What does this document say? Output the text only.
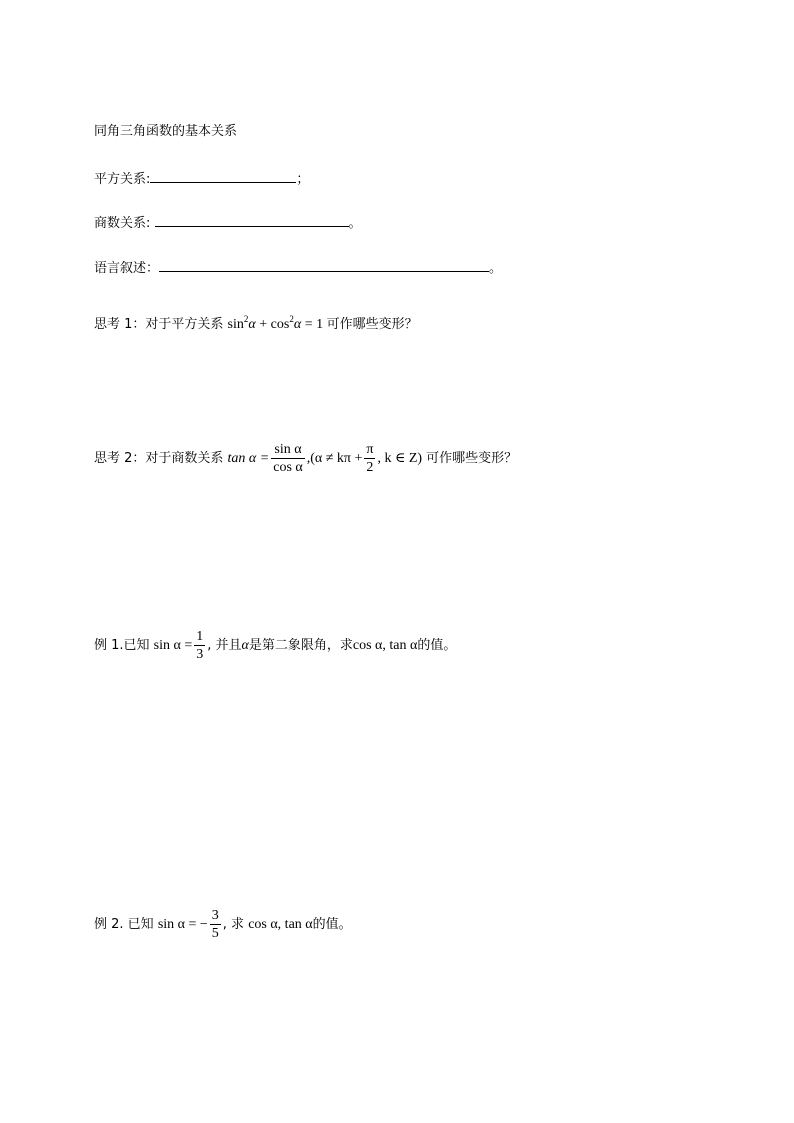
同角三角函数的基本关系
平方关系:	；
商数关系:	。
语言叙述：	。
思考 1：对于平方关系 $\sin^2\alpha + \cos^2\alpha = 1$ 可作哪些变形？
思考 2：对于商数关系 $\tan \alpha = \frac{\text{sin α}}{\text{cos α}} ,(\alpha \ne k\pi + \frac{\pi}{2}$ , k ∈ Z) 可作哪些变形？
例 1.已知 $\sin \alpha = \frac{1}{3}$ , 并且α是第二象限角，求cos α, tan α的值。
例 2. 已知 sin α = − $\frac{3}{5}$ , 求 cos α, tan α的值。
